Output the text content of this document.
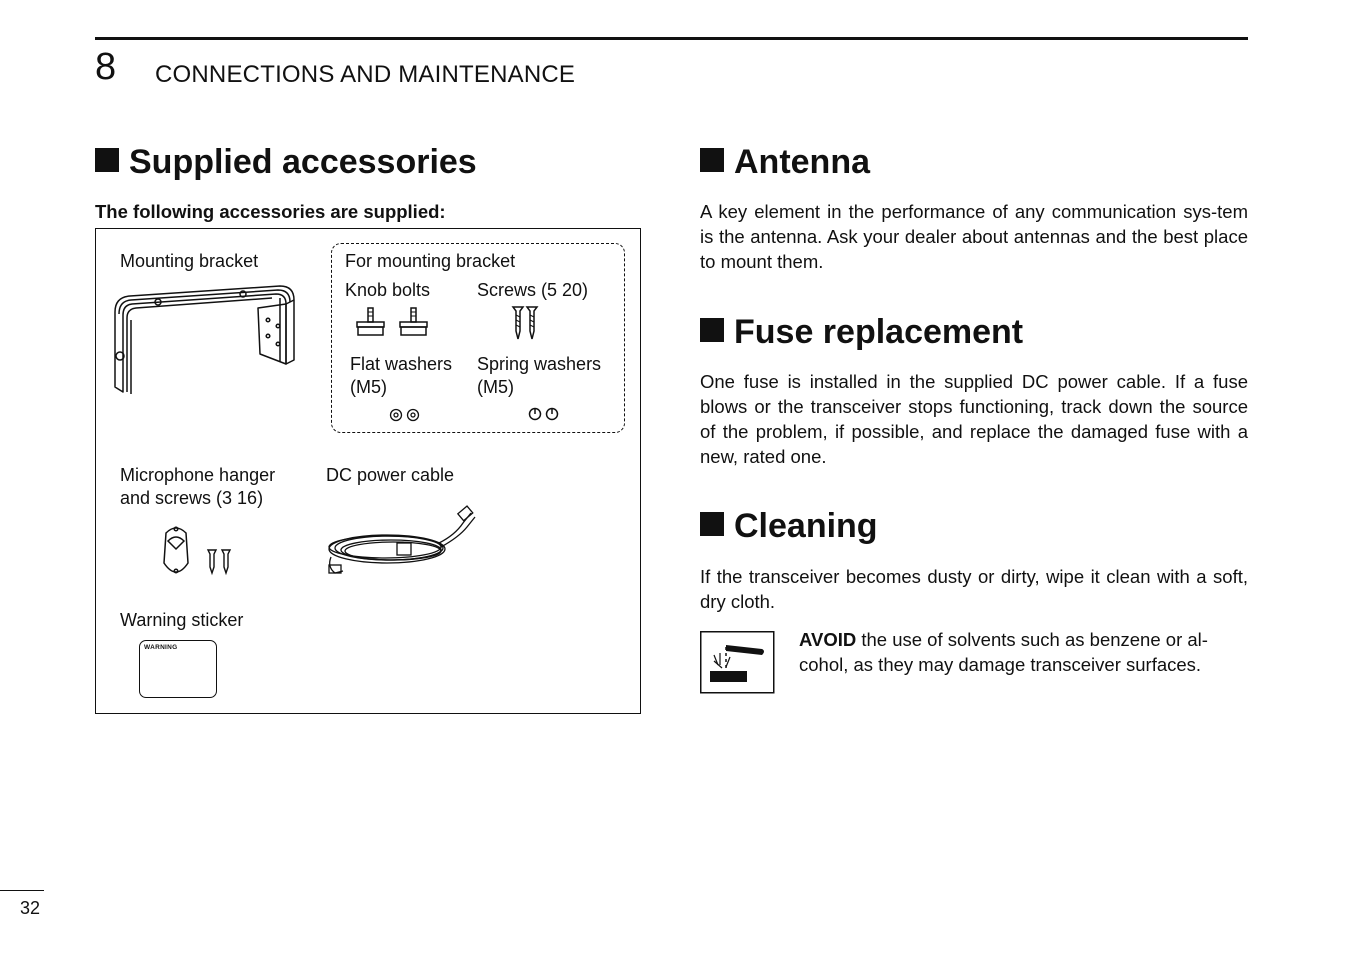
8 CONNECTIONS AND MAINTENANCE
Supplied accessories
The following accessories are supplied:
Mounting bracket	For mounting bracket
Knob bolts	Screws (5 20)
Flat washers
(M5)
Spring washers
(M5)
Microphone hanger
and screws (3 16)
DC power cable
Warning sticker
WARNING
Antenna
A key element in the performance of any communication sys-tem is the antenna. Ask your dealer about antennas and the best place to mount them.
Fuse replacement
One fuse is installed in the supplied DC power cable. If a fuse blows or the transceiver stops functioning, track down the source of the problem, if possible, and replace the damaged fuse with a new, rated one.
Cleaning
If the transceiver becomes dusty or dirty, wipe it clean with a soft, dry cloth.
AVOID the use of solvents such as benzene or al-cohol, as they may damage transceiver surfaces.
32
